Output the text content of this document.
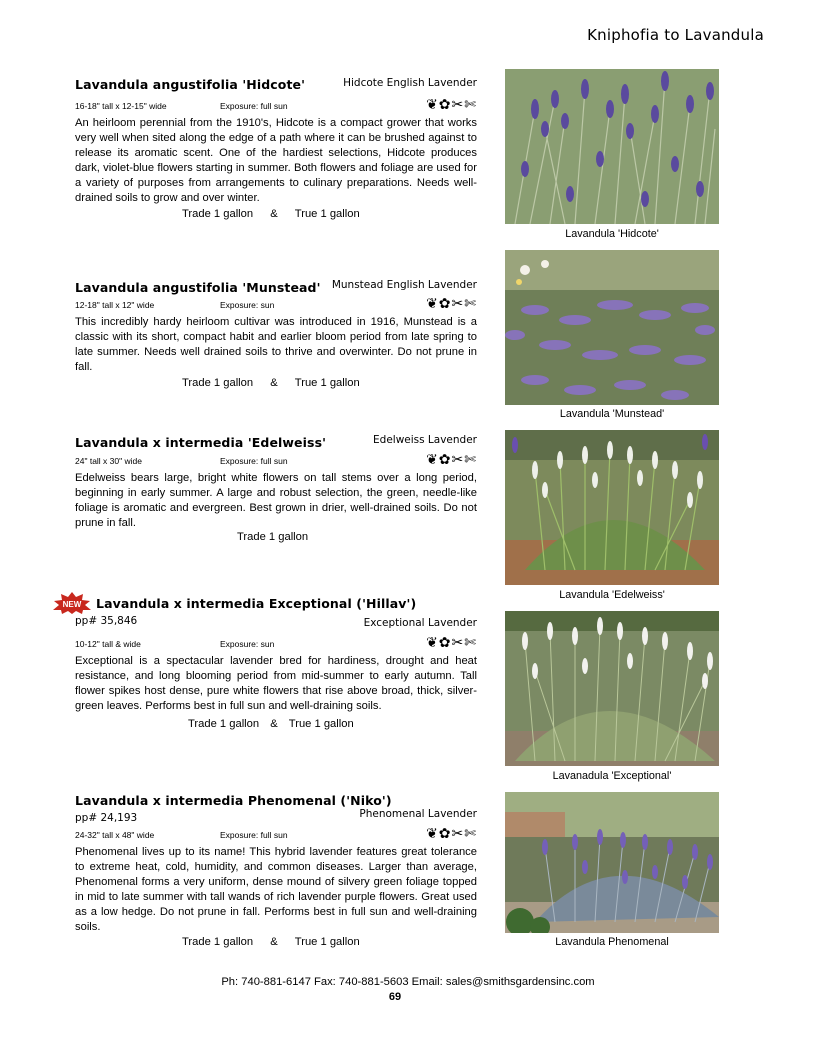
Kniphofia to Lavandula
Lavandula angustifolia 'Hidcote'	Hidcote English Lavender
16-18" tall x 12-15" wide	Exposure: full sun	❦✿✂✄
An heirloom perennial from the 1910's, Hidcote is a compact grower that works very well when sited along the edge of a path where it can be brushed against to release its aromatic scent. One of the hardiest selections, Hidcote produces dark, violet-blue flowers starting in summer. Both flowers and foliage are used for a variety of purposes from arrangements to culinary preparations. Needs well-drained soils to grow and over winter.
Trade 1 gallon & True 1 gallon
Lavandula 'Hidcote'
Lavandula angustifolia 'Munstead' Munstead English Lavender
12-18" tall x 12" wide	Exposure: sun	❦✿✂✄
This incredibly hardy heirloom cultivar was introduced in 1916, Munstead is a classic with its short, compact habit and earlier bloom period from late spring to late summer. Needs well drained soils to thrive and overwinter. Do not prune in fall.
Trade 1 gallon & True 1 gallon
Lavandula 'Munstead'
Lavandula x intermedia 'Edelweiss'	Edelweiss Lavender
24" tall x 30" wide	Exposure: full sun	❦✿✂✄
Edelweiss bears large, bright white flowers on tall stems over a long period, beginning in early summer. A large and robust selection, the green, needle-like foliage is aromatic and evergreen. Best grown in drier, well-drained soils. Do not prune in fall.
Trade 1 gallon
Lavandula 'Edelweiss'
NEW	Lavandula x intermedia Exceptional ('Hillav')
pp# 35,846	Exceptional Lavender
10-12" tall & wide	Exposure: sun	❦✿✂✄
Exceptional is a spectacular lavender bred for hardiness, drought and heat resistance, and long blooming period from mid-summer to early autumn. Tall flower spikes host dense, pure white flowers that rise above broad, thick, silver-green leaves. Performs best in full sun and well-draining soils.
Trade 1 gallon & True 1 gallon
Lavanadula 'Exceptional'
Lavandula x intermedia Phenomenal ('Niko')
pp# 24,193	Phenomenal Lavender
24-32" tall x 48" wide	Exposure: full sun	❦✿✂✄
Phenomenal lives up to its name! This hybrid lavender features great tolerance to extreme heat, cold, humidity, and common diseases. Larger than average, Phenomenal forms a very uniform, dense mound of silvery green foliage topped in mid to late summer with tall wands of rich lavender purple flowers. Great used as a low hedge. Do not prune in fall. Performs best in full sun and well-draining soils.
Trade 1 gallon & True 1 gallon	Lavandula Phenomenal
Ph: 740-881-6147 Fax: 740-881-5603 Email: sales@smithsgardensinc.com
69
